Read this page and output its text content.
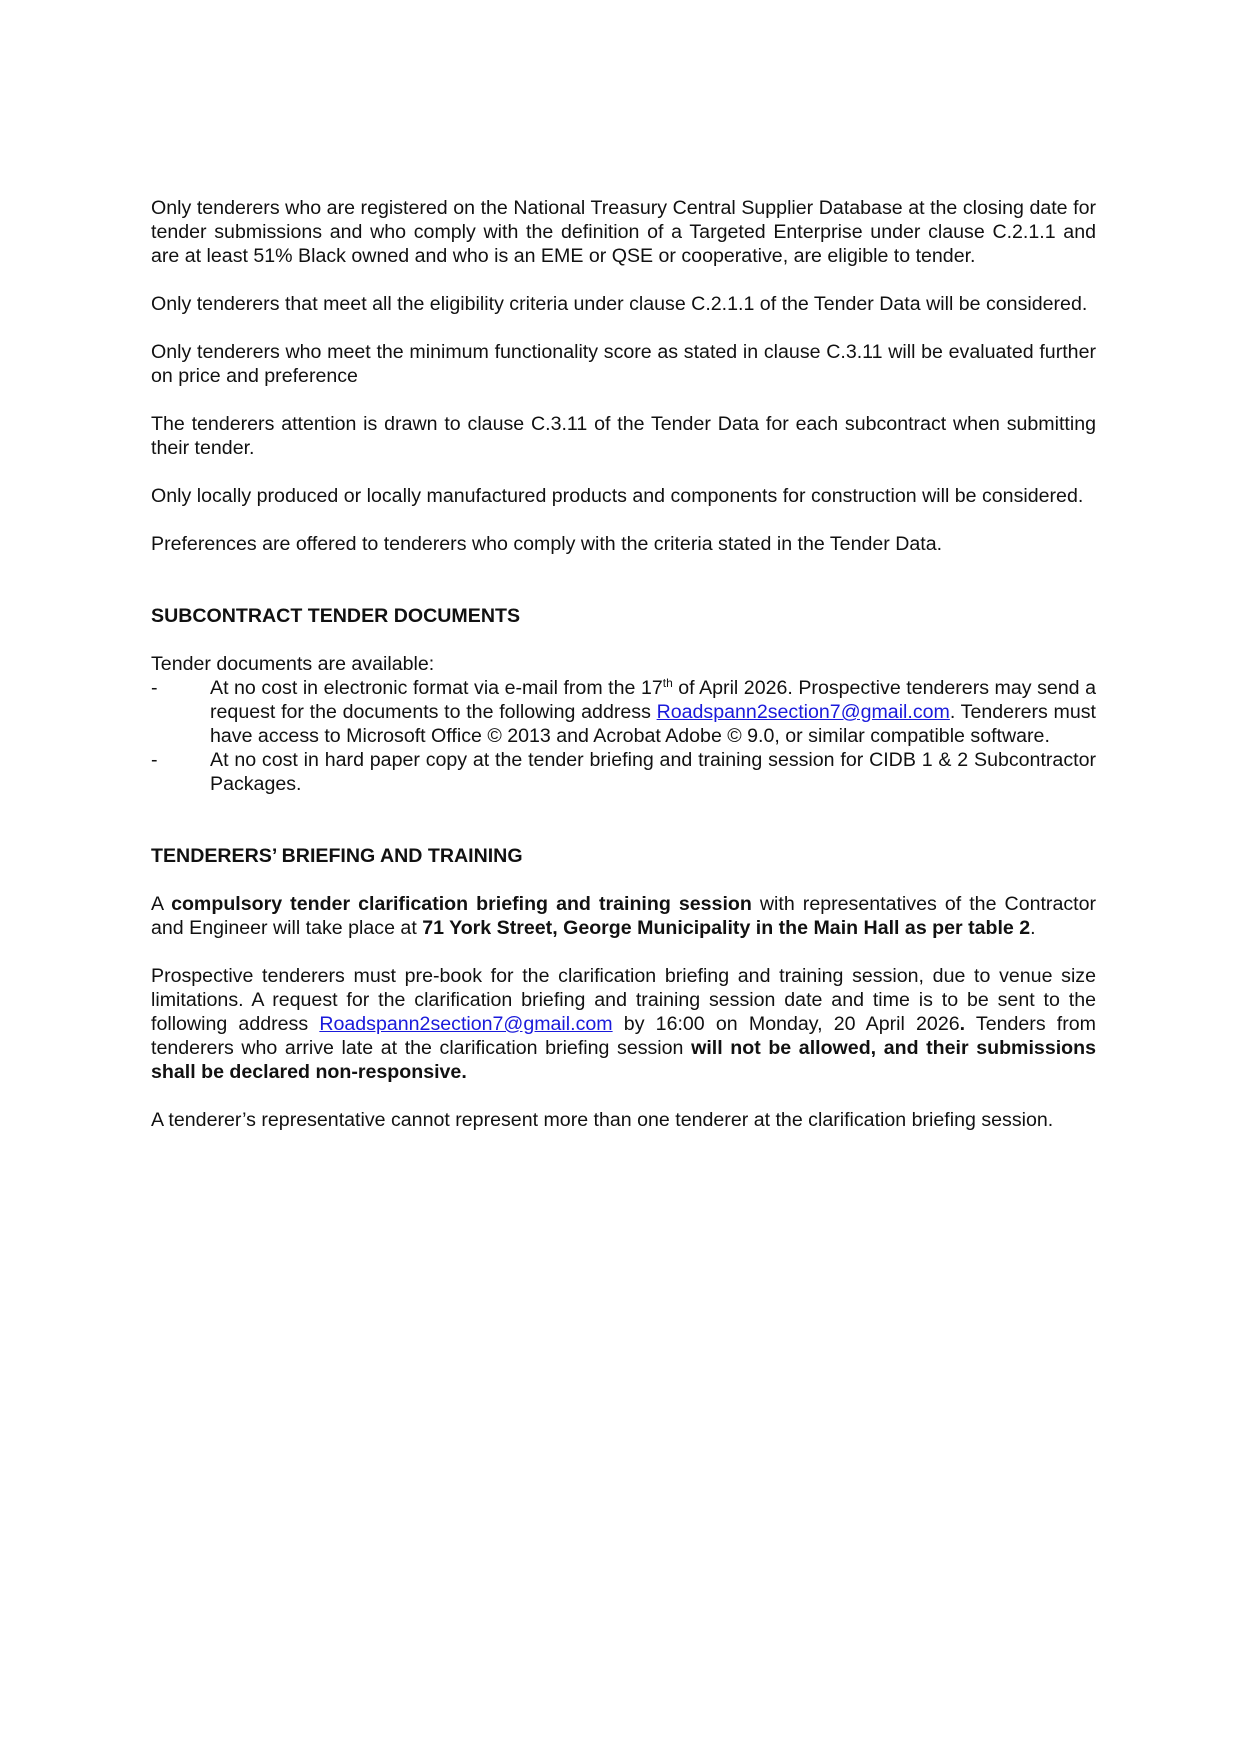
Only tenderers who are registered on the National Treasury Central Supplier Database at the closing date for tender submissions and who comply with the definition of a Targeted Enterprise under clause C.2.1.1 and are at least 51% Black owned and who is an EME or QSE or cooperative, are eligible to tender.

Only tenderers that meet all the eligibility criteria under clause C.2.1.1 of the Tender Data will be considered.

Only tenderers who meet the minimum functionality score as stated in clause C.3.11 will be evaluated further on price and preference

The tenderers attention is drawn to clause C.3.11 of the Tender Data for each subcontract when submitting their tender.

Only locally produced or locally manufactured products and components for construction will be considered.

Preferences are offered to tenderers who comply with the criteria stated in the Tender Data.

SUBCONTRACT TENDER DOCUMENTS

Tender documents are available:

-	At no cost in electronic format via e-mail from the 17th of April 2026. Prospective tenderers may send a request for the documents to the following address Roadspann2section7@gmail.com. Tenderers must have access to Microsoft Office © 2013 and Acrobat Adobe © 9.0, or similar compatible software.
-	At no cost in hard paper copy at the tender briefing and training session for CIDB 1 & 2 Subcontractor Packages.

TENDERERS’ BRIEFING AND TRAINING

A compulsory tender clarification briefing and training session with representatives of the Contractor and Engineer will take place at 71 York Street, George Municipality in the Main Hall as per table 2.

Prospective tenderers must pre-book for the clarification briefing and training session, due to venue size limitations. A request for the clarification briefing and training session date and time is to be sent to the following address Roadspann2section7@gmail.com by 16:00 on Monday, 20 April 2026. Tenders from tenderers who arrive late at the clarification briefing session will not be allowed, and their submissions shall be declared non-responsive.

A tenderer’s representative cannot represent more than one tenderer at the clarification briefing session.
